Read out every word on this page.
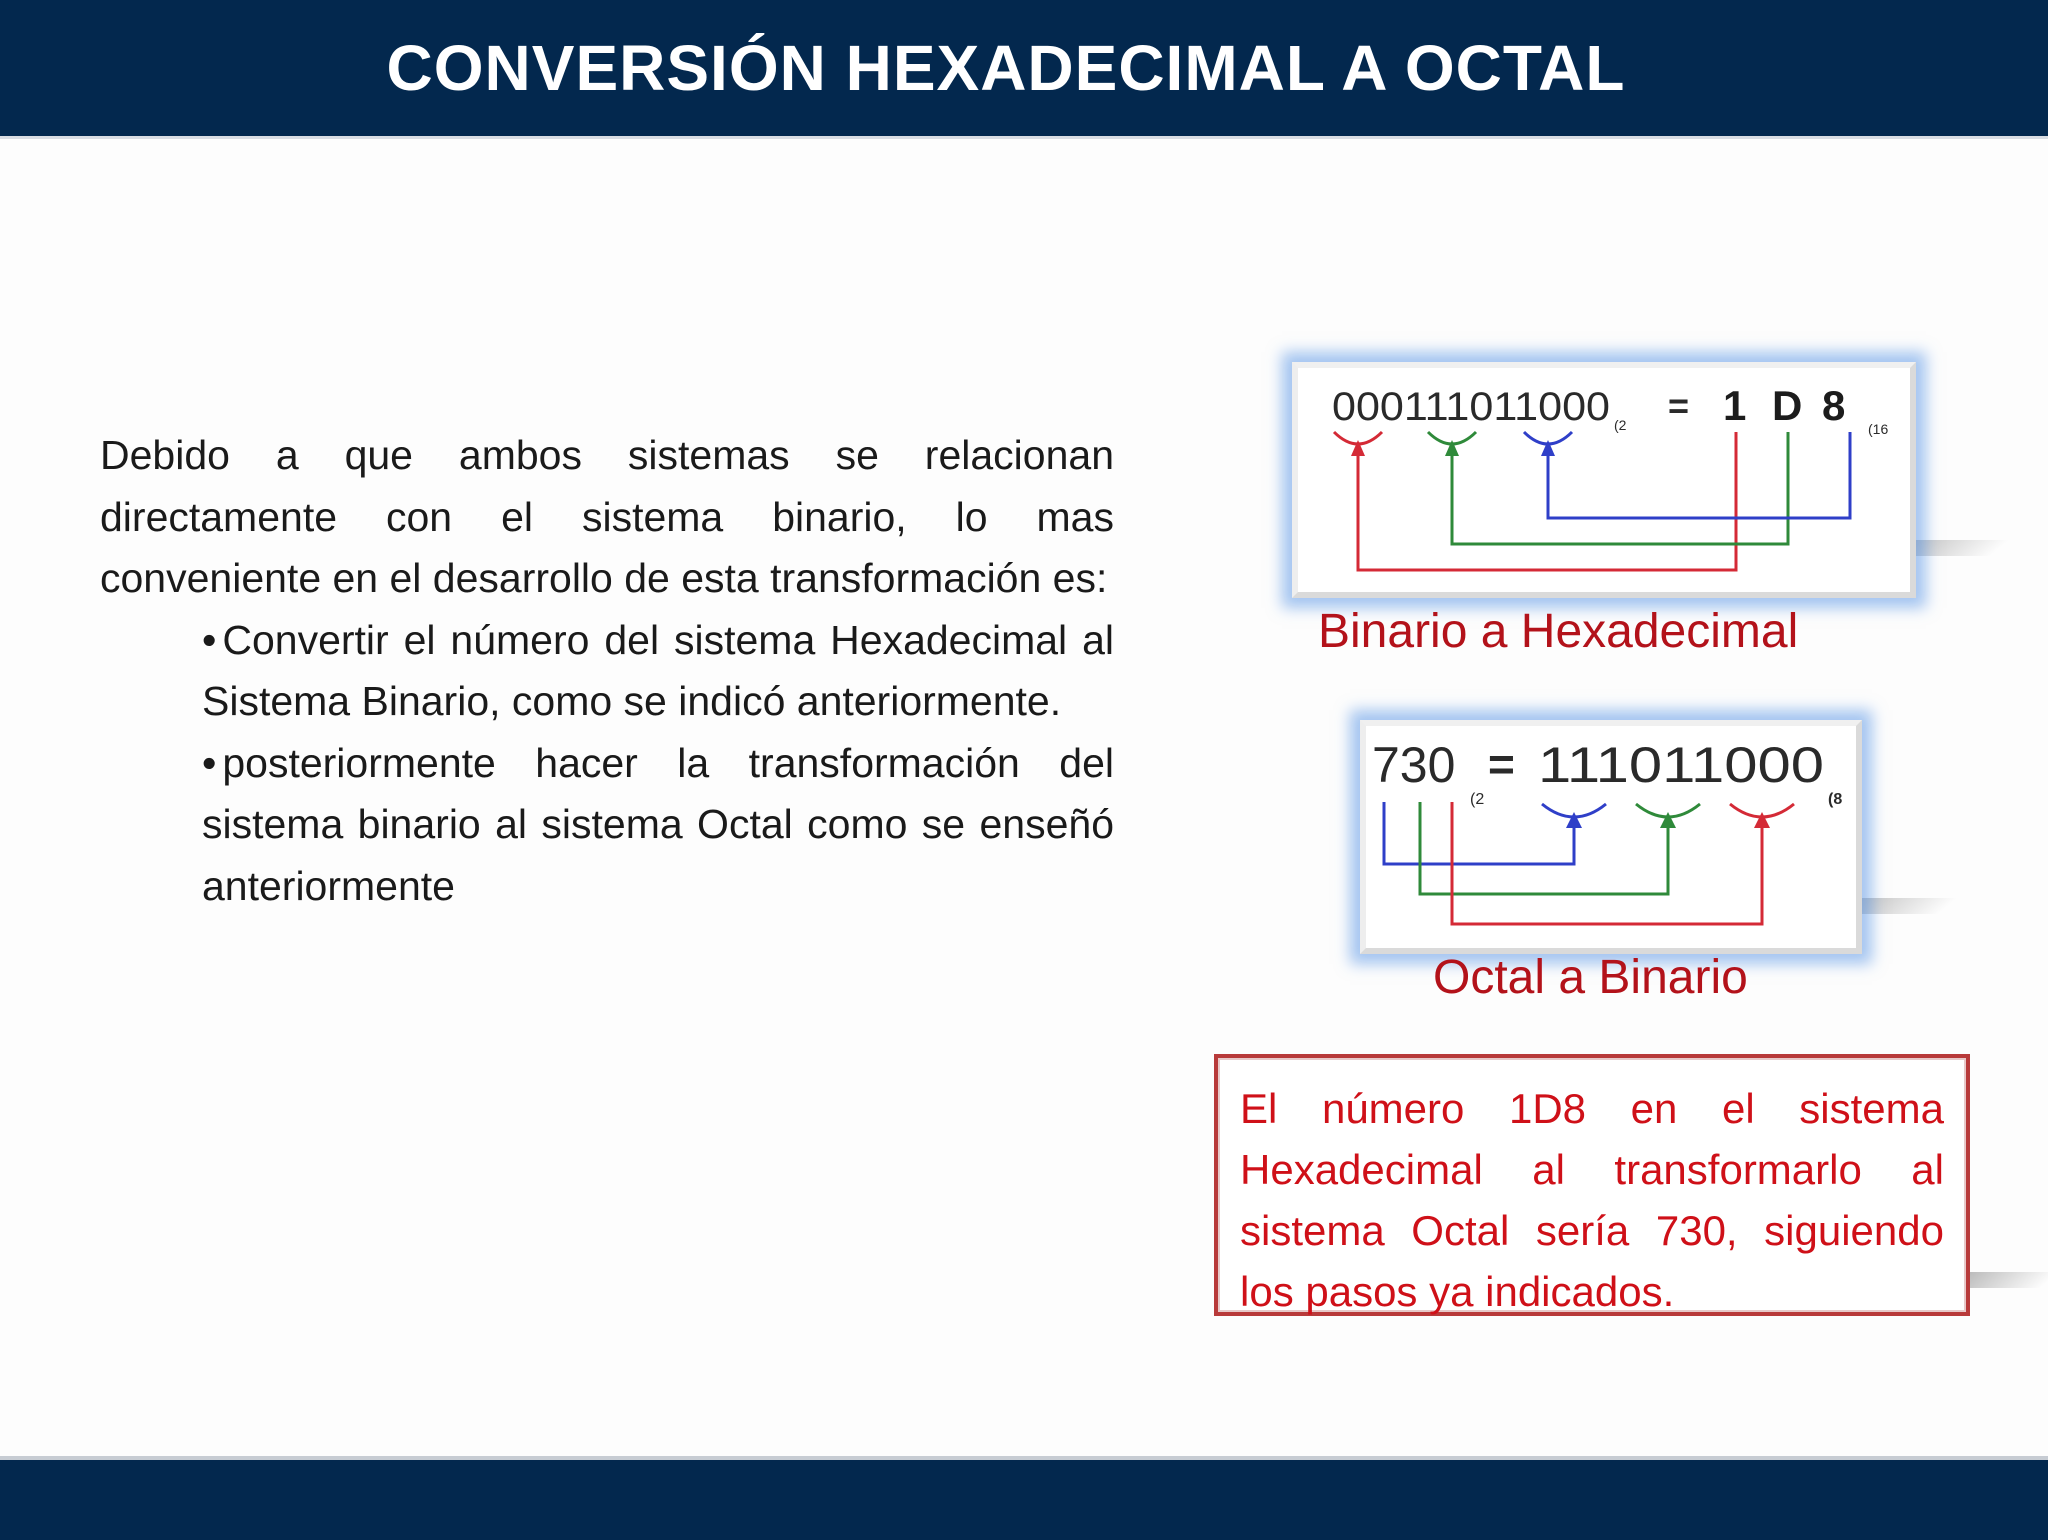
CONVERSIÓN HEXADECIMAL A OCTAL

Debido a que ambos sistemas se relacionan directamente con el sistema binario, lo mas conveniente en el desarrollo de esta transformación es:

• Convertir el número del sistema Hexadecimal al Sistema Binario, como se indicó anteriormente.
• posteriormente hacer la transformación del sistema binario al sistema Octal como se enseñó anteriormente
000111011000 (2 = 1 D 8 (16
Binario a Hexadecimal
730
(2
= 111011000
(8
Octal a Binario
El número 1D8 en el sistema Hexadecimal al transformarlo al sistema Octal sería 730, siguiendo los pasos ya indicados.
